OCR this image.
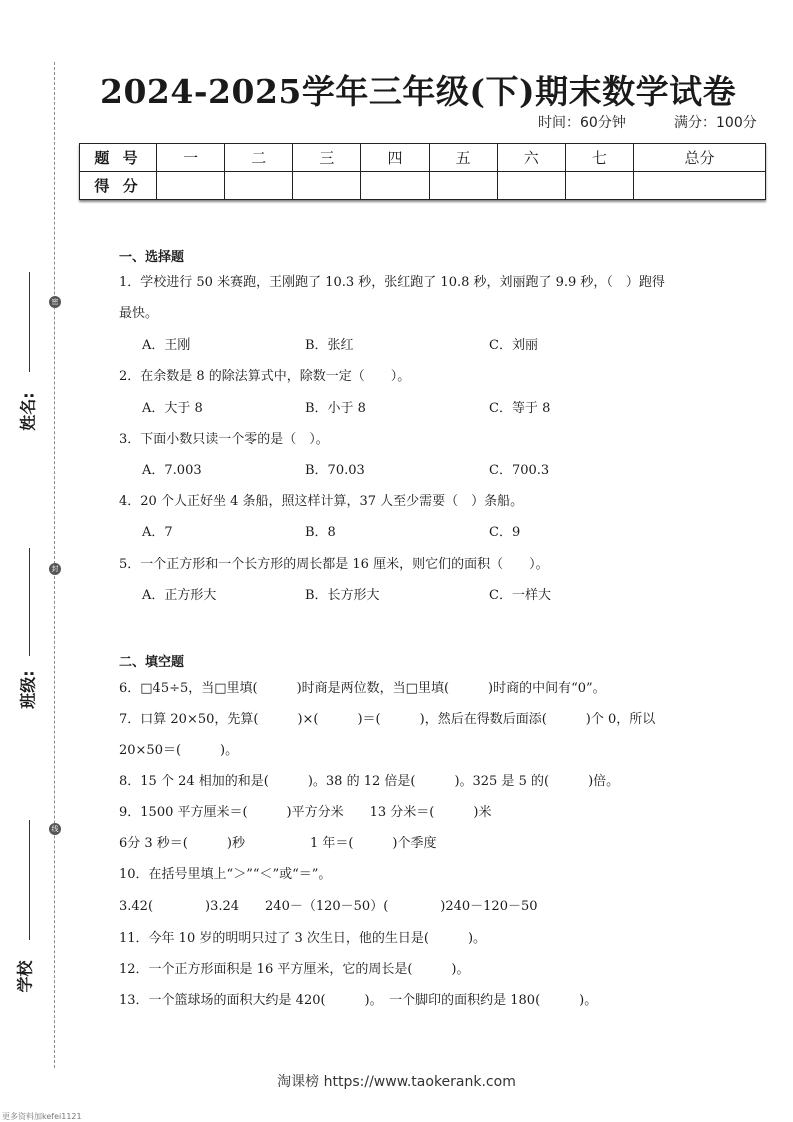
密
封
线
姓名:
班级:
学校
2024-2025学年三年级(下)期末数学试卷
时间：60分钟	满分：100分
题 号	一	二	三	四	五	六	七	总分
得 分								
一、选择题
1．学校进行 50 米赛跑，王刚跑了 10.3 秒，张红跑了 10.8 秒，刘丽跑了 9.9 秒，（　）跑得
最快。
A．王刚	B．张红	C．刘丽
2．在余数是 8 的除法算式中，除数一定（　　）。
A．大于 8	B．小于 8	C．等于 8
3．下面小数只读一个零的是（　）。
A．7.003	B．70.03	C．700.3
4．20 个人正好坐 4 条船，照这样计算，37 人至少需要（　）条船。
A．7	B．8	C．9
5．一个正方形和一个长方形的周长都是 16 厘米，则它们的面积（　　）。
A．正方形大	B．长方形大	C．一样大
二、填空题
6．□45÷5，当□里填(　　　)时商是两位数，当□里填(　　　)时商的中间有“0”。
7．口算 20×50，先算(　　　)×(　　　)＝(　　　)，然后在得数后面添(　　　)个 0，所以
20×50＝(　　　)。
8．15 个 24 相加的和是(　　　)。38 的 12 倍是(　　　)。325 是 5 的(　　　)倍。
9．1500 平方厘米＝(　　　)平方分米　　13 分米＝(　　　)米
6分 3 秒＝(　　　)秒　　　　　1 年＝(　　　)个季度
10．在括号里填上“＞”“＜”或“＝”。
3.42(　　　　)3.24　　240－（120－50）(　　　　)240－120－50
11．今年 10 岁的明明只过了 3 次生日，他的生日是(　　　)。
12．一个正方形面积是 16 平方厘米，它的周长是(　　　)。
13．一个篮球场的面积大约是 420(　　　)。　一个脚印的面积约是 180(　　　)。
淘课榜 https://www.taokerank.com
更多资料加kefei1121
